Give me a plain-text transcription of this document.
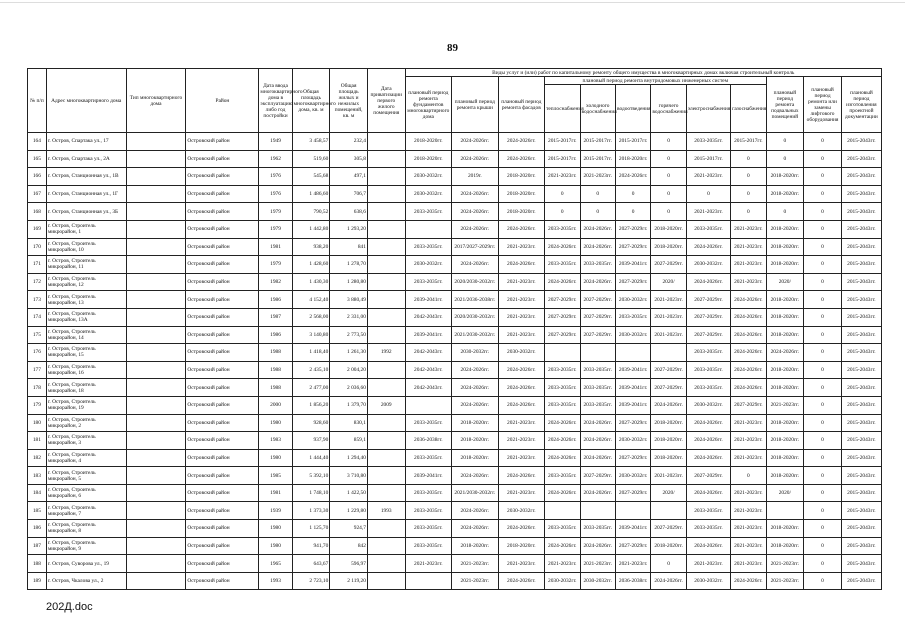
89
№ п/п	Адрес многоквартирного дома	Тип многоквартирного дома	Район	Дата ввода многоквартирного дома в эксплуатацию либо год постройки	Общая площадь многоквартирного дома, кв. м	Общая площадь жилых и нежилых помещений, кв. м	Дата приватизации первого жилого помещения	Виды услуг и (или) работ по капитальному ремонту общего имущества в многоквартирных домах включая строительный контроль											
								плановый период ремонта фундаментов многоквартирного дома	плановый период ремонта крыши	плановый период ремонта фасадов	плановый период ремонта внутридомовых инженерных систем						плановый период ремонта подвальных помещений	плановый период ремонта или замены лифтового оборудования	плановый период изготовления проектной документации
											теплоснабжения	холодного водоснабжения	водоотведения	горячего водоснабжения	электроснабжения	газоснабжения			
164	г. Остров, Спартака ул., 17		Островский район	1949	3 458,57	232,4		2018-2020гг.	2024-2026гг.	2024-2026гг.	2015-2017гг.	2015-2017гг.	2015-2017гг.	0	2033-2035гг.	2015-2017гг.	0	0	2015-2043гг.
165	г. Остров, Спартака ул., 2А		Островский район	1962	519,60	305,8		2018-2020гг.	2024-2026гг.	2024-2026гг.	2015-2017гг.	2015-2017гг.	2018-2020гг.	0	2015-2017гг.	0	0	0	2015-2043гг.
166	г. Остров, Станционная ул., 1В		Островский район	1976	545,68	497,1		2030-2032гг.	2019г.	2018-2020гг.	2021-2023гг.	2021-2023гг.	2024-2026гг.	0	2021-2023гг.	0	2018-2020гг.	0	2015-2043гг.
167	г. Остров, Станционная ул., 1Г		Островский район	1976	1 486,60	706,7		2030-2032гг.	2024-2026гг.	2018-2020гг.	0	0	0	0	0	0	2018-2020гг.	0	2015-2043гг.
168	г. Остров, Станционная ул., 3Б		Островский район	1979	790,52	638,6		2033-2035гг.	2024-2026гг.	2018-2020гг.	0	0	0	0	2021-2023гг.	0	0	0	2015-2043гг.
169	г. Остров, Строитель микрорайон, 1		Островский район	1979	1 442,80	1 293,20			2024-2026гг.	2024-2026гг.	2033-2035гг.	2024-2026гг.	2027-2029гг.	2018-2020гг.	2033-2035гг.	2021-2023гг.	2018-2020гг.	0	2015-2043гг.
170	г. Остров, Строитель микрорайон, 10		Островский район	1981	938,20	841		2033-2035гг.	2017/2027-2029гг.	2021-2023гг.	2024-2026гг.	2024-2026гг.	2027-2029гг.	2018-2020гг.	2024-2026гг.	2021-2023гг.	2018-2020гг.	0	2015-2043гг.
171	г. Остров, Строитель микрорайон, 11		Островский район	1979	1 428,60	1 278,70		2030-2032гг.	2024-2026гг.	2024-2026гг.	2033-2035гг.	2033-2035гг.	2039-2041гг.	2027-2029гг.	2030-2032гг.	2021-2023гг.	2018-2020гг.	0	2015-2043гг.
172	г. Остров, Строитель микрорайон, 12		Островский район	1982	1 430,30	1 280,80		2033-2035гг.	2020/2030-2032гг.	2021-2023гг.	2024-2026гг.	2024-2026гг.	2027-2029гг.	2020/	2024-2026гг.	2021-2023гг.	2020/	0	2015-2043гг.
173	г. Остров, Строитель микрорайон, 13		Островский район	1986	4 152,40	3 880,49		2039-2041гг.	2021/2036-2038гг.	2021-2023гг.	2027-2029гг.	2027-2029гг.	2030-2032гг.	2021-2023гг.	2027-2029гг.	2024-2026гг.	2018-2020гг.	0	2015-2043гг.
174	г. Остров, Строитель микрорайон, 13А		Островский район	1987	2 568,00	2 331,00		2042-2043гг.	2020/2030-2032гг.	2021-2023гг.	2027-2029гг.	2027-2029гг.	2033-2035гг.	2021-2023гг.	2027-2029гг.	2024-2026гг.	2018-2020гг.	0	2015-2043гг.
175	г. Остров, Строитель микрорайон, 14		Островский район	1986	3 140,80	2 773,50		2039-2041гг.	2021/2030-2032гг.	2021-2023гг.	2027-2029гг.	2027-2029гг.	2030-2032гг.	2021-2023гг.	2027-2029гг.	2024-2026гг.	2018-2020гг.	0	2015-2043гг.
176	г. Остров, Строитель микрорайон, 15		Островский район	1988	1 418,40	1 261,30	1992	2042-2043гг.	2030-2032гг.	2030-2032гг.					2033-2035гг.	2024-2026гг.	2024-2026гг.	0	2015-2043гг.
177	г. Остров, Строитель микрорайон, 16		Островский район	1988	2 435,10	2 004,20		2042-2043гг.	2024-2026гг.	2024-2026гг.	2033-2035гг.	2033-2035гг.	2039-2041гг.	2027-2029гг.	2033-2035гг.	2024-2026гг.	2018-2020гг.	0	2015-2043гг.
178	г. Остров, Строитель микрорайон, 18		Островский район	1988	2 477,00	2 036,60		2042-2043гг.	2024-2026гг.	2024-2026гг.	2033-2035гг.	2033-2035гг.	2039-2041гг.	2027-2029гг.	2033-2035гг.	2024-2026гг.	2018-2020гг.	0	2015-2043гг.
179	г. Остров, Строитель микрорайон, 19		Островский район	2000	1 856,20	1 379,70	2009		2024-2026гг.	2024-2026гг.	2033-2035гг.	2033-2035гг.	2039-2041гг.	2024-2026гг.	2030-2032гг.	2027-2029гг.	2021-2023гг.	0	2015-2043гг.
180	г. Остров, Строитель микрорайон, 2		Островский район	1980	928,60	830,1		2033-2035гг.	2018-2020гг.	2021-2023гг.	2024-2026гг.	2024-2026гг.	2027-2029гг.	2018-2020гг.	2024-2026гг.	2021-2023гг.	2018-2020гг.	0	2015-2043гг.
181	г. Остров, Строитель микрорайон, 3		Островский район	1983	937,90	859,1		2036-2038гг.	2018-2020гг.	2021-2023гг.	2024-2026гг.	2024-2026гг.	2030-2032гг.	2018-2020гг.	2024-2026гг.	2021-2023гг.	2018-2020гг.	0	2015-2043гг.
182	г. Остров, Строитель микрорайон, 4		Островский район	1980	1 444,40	1 294,40		2033-2035гг.	2018-2020гг.	2021-2023гг.	2024-2026гг.	2024-2026гг.	2027-2029гг.	2018-2020гг.	2024-2026гг.	2021-2023гг.	2018-2020гг.	0	2015-2043гг.
183	г. Остров, Строитель микрорайон, 5		Островский район	1985	5 392,10	3 710,80		2039-2041гг.	2024-2026гг.	2024-2026гг.	2033-2035гг.	2027-2029гг.	2030-2032гг.	2021-2023гг.	2027-2029гг.	0	2018-2020гг.	0	2015-2043гг.
184	г. Остров, Строитель микрорайон, 6		Островский район	1981	1 748,10	1 422,50		2033-2035гг.	2021/2030-2032гг.	2021-2023гг.	2024-2026гг.	2024-2026гг.	2027-2029гг.	2020/	2024-2026гг.	2021-2023гг.	2020/	0	2015-2043гг.
185	г. Остров, Строитель микрорайон, 7		Островский район	1939	1 373,30	1 229,80	1993	2033-2035гг.	2024-2026гг.	2030-2032гг.					2033-2035гг.	2021-2023гг.		0	2015-2043гг.
186	г. Остров, Строитель микрорайон, 8		Островский район	1980	1 125,70	924,7		2033-2035гг.	2024-2026гг.	2024-2026гг.	2033-2035гг.	2033-2035гг.	2039-2041гг.	2027-2029гг.	2033-2035гг.	2021-2023гг.	2018-2020гг.	0	2015-2043гг.
187	г. Остров, Строитель микрорайон, 9		Островский район	1980	941,70	842		2033-2035гг.	2018-2020гг.	2018-2020гг.	2024-2026гг.	2024-2026гг.	2027-2029гг.	2018-2020гг.	2024-2026гг.	2021-2023гг.	2018-2020гг.	0	2015-2043гг.
188	г. Остров, Суворова ул., 19		Островский район	1965	643,67	596,97		2021-2023гг.	2021-2023гг.	2021-2023гг.	2021-2023гг.	2021-2023гг.	2021-2023гг.	0	2021-2023гг.	2021-2023гг.	2021-2023гг.	0	2015-2043гг.
189	г. Остров, Чкалова ул., 2		Островский район	1993	2 723,10	2 119,20			2021-2023гг.	2024-2026гг.	2030-2032гг.	2030-2032гг.	2036-2038гг.	2024-2026гг.	2030-2032гг.	2024-2026гг.	2021-2023гг.	0	2015-2043гг.
202Д.doc
